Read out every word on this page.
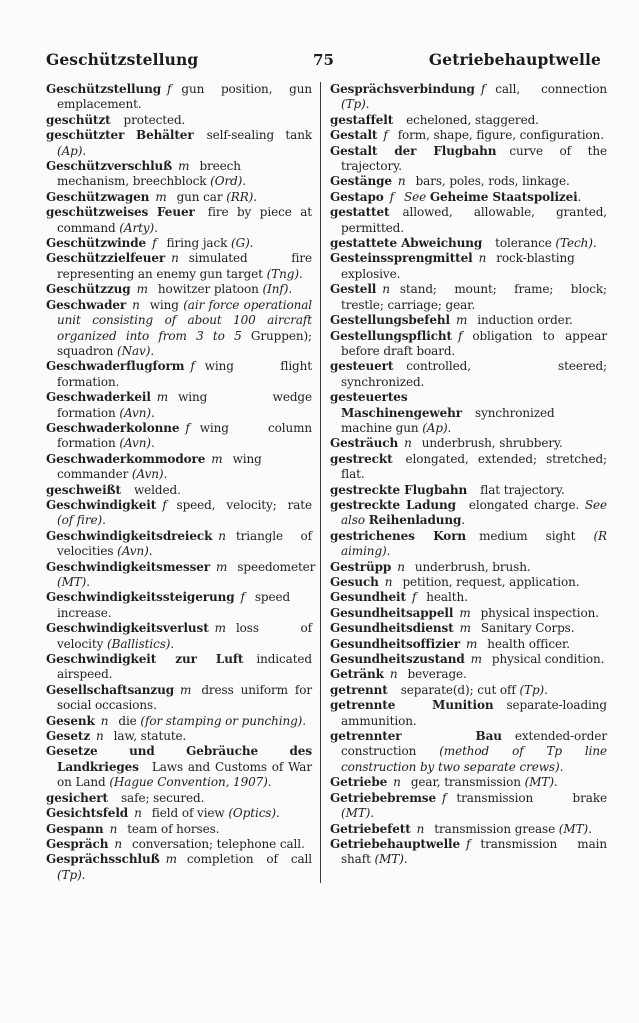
Geschützstellung	75	Getriebehauptwelle
Geschützstellung f gun position, gun emplacement.
geschützt protected.
geschützter Behälter self-sealing tank (Ap).
Geschützverschluß m breech mechanism, breechblock (Ord).
Geschützwagen m gun car (RR).
geschützweises Feuer fire by piece at command (Arty).
Geschützwinde f firing jack (G).
Geschützzielfeuer n simulated fire representing an enemy gun target (Tng).
Geschützzug m howitzer platoon (Inf).
Geschwader n wing (air force operational unit consisting of about 100 aircraft organized into from 3 to 5 Gruppen); squadron (Nav).
Geschwaderflugform f wing flight formation.
Geschwaderkeil m wing wedge formation (Avn).
Geschwaderkolonne f wing column formation (Avn).
Geschwaderkommodore m wing commander (Avn).
geschweißt welded.
Geschwindigkeit f speed, velocity; rate (of fire).
Geschwindigkeitsdreieck n triangle of velocities (Avn).
Geschwindigkeitsmesser m speedometer (MT).
Geschwindigkeitssteigerung f speed increase.
Geschwindigkeitsverlust m loss of velocity (Ballistics).
Geschwindigkeit zur Luft indicated airspeed.
Gesellschaftsanzug m dress uniform for social occasions.
Gesenk n die (for stamping or punching).
Gesetz n law, statute.
Gesetze und Gebräuche des Landkrieges Laws and Customs of War on Land (Hague Convention, 1907).
gesichert safe; secured.
Gesichtsfeld n field of view (Optics).
Gespann n team of horses.
Gespräch n conversation; telephone call.
Gesprächsschluß m completion of call (Tp).
Gesprächsverbindung f call, connection (Tp).
gestaffelt echeloned, staggered.
Gestalt f form, shape, figure, configuration.
Gestalt der Flugbahn curve of the trajectory.
Gestänge n bars, poles, rods, linkage.
Gestapo f See Geheime Staatspolizei.
gestattet allowed, allowable, granted, permitted.
gestattete Abweichung tolerance (Tech).
Gesteinssprengmittel n rock-blasting explosive.
Gestell n stand; mount; frame; block; trestle; carriage; gear.
Gestellungsbefehl m induction order.
Gestellungspflicht f obligation to appear before draft board.
gesteuert controlled, steered; synchronized.
gesteuertes Maschinengewehr synchronized machine gun (Ap).
Gesträuch n underbrush, shrubbery.
gestreckt elongated, extended; stretched; flat.
gestreckte Flugbahn flat trajectory.
gestreckte Ladung elongated charge. See also Reihenladung.
gestrichenes Korn medium sight (R aiming).
Gestrüpp n underbrush, brush.
Gesuch n petition, request, application.
Gesundheit f health.
Gesundheitsappell m physical inspection.
Gesundheitsdienst m Sanitary Corps.
Gesundheitsoffizier m health officer.
Gesundheitszustand m physical condition.
Getränk n beverage.
getrennt separate(d); cut off (Tp).
getrennte Munition separate-loading ammunition.
getrennter Bau extended-order construction (method of Tp line construction by two separate crews).
Getriebe n gear, transmission (MT).
Getriebebremse f transmission brake (MT).
Getriebefett n transmission grease (MT).
Getriebehauptwelle f transmission main shaft (MT).
